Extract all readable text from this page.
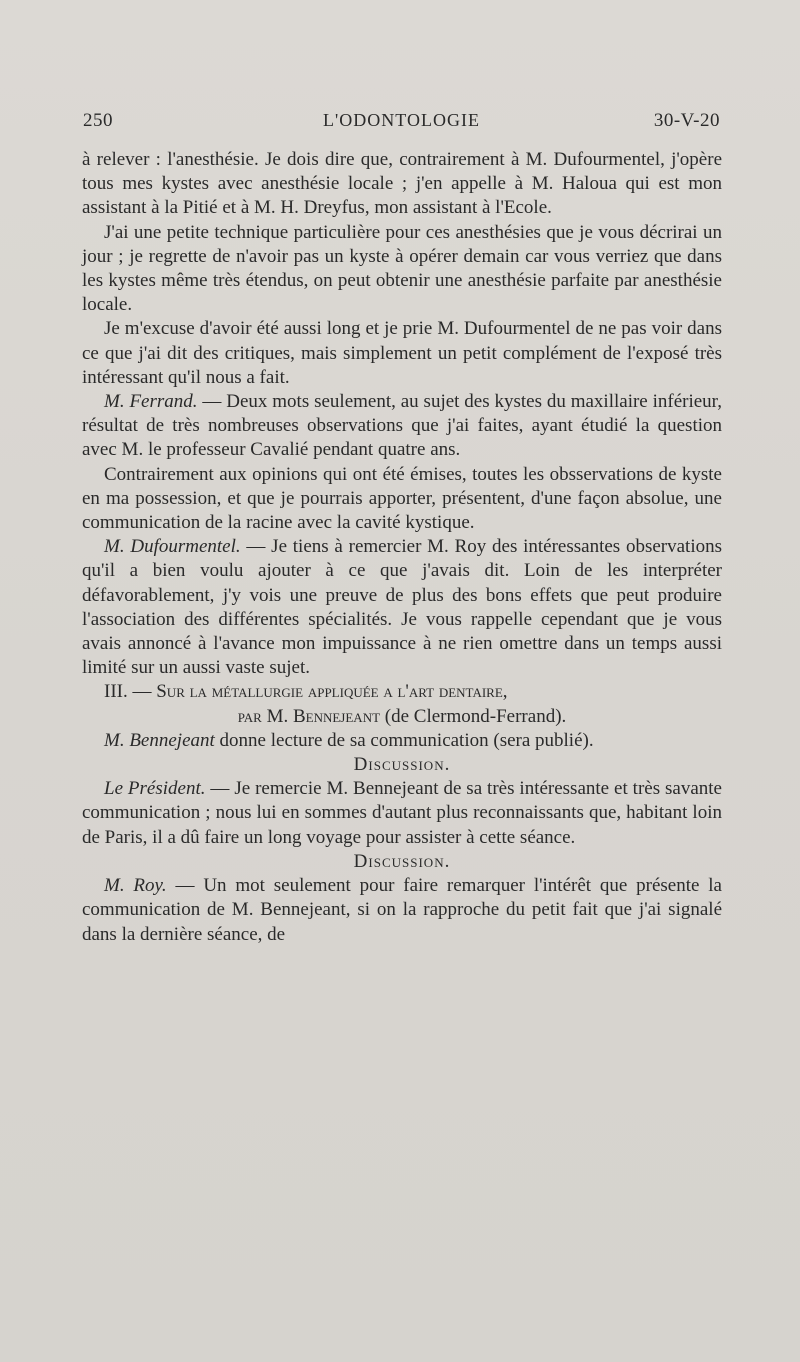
250	L'ODONTOLOGIE	30-V-20

à relever : l'anesthésie. Je dois dire que, contrairement à M. Dufourmentel, j'opère tous mes kystes avec anesthésie locale ; j'en appelle à M. Haloua qui est mon assistant à la Pitié et à M. H. Dreyfus, mon assistant à l'Ecole.

J'ai une petite technique particulière pour ces anesthésies que je vous décrirai un jour ; je regrette de n'avoir pas un kyste à opérer demain car vous verriez que dans les kystes même très étendus, on peut obtenir une anesthésie parfaite par anesthésie locale.

Je m'excuse d'avoir été aussi long et je prie M. Dufourmentel de ne pas voir dans ce que j'ai dit des critiques, mais simplement un petit complément de l'exposé très intéressant qu'il nous a fait.

M. Ferrand. — Deux mots seulement, au sujet des kystes du maxillaire inférieur, résultat de très nombreuses observations que j'ai faites, ayant étudié la question avec M. le professeur Cavalié pendant quatre ans.

Contrairement aux opinions qui ont été émises, toutes les obsservations de kyste en ma possession, et que je pourrais apporter, présentent, d'une façon absolue, une communication de la racine avec la cavité kystique.

M. Dufourmentel. — Je tiens à remercier M. Roy des intéressantes observations qu'il a bien voulu ajouter à ce que j'avais dit. Loin de les interpréter défavorablement, j'y vois une preuve de plus des bons effets que peut produire l'association des différentes spécialités. Je vous rappelle cependant que je vous avais annoncé à l'avance mon impuissance à ne rien omettre dans un temps aussi limité sur un aussi vaste sujet.

III. — Sur la métallurgie appliquée a l'art dentaire,

par M. Bennejeant (de Clermond-Ferrand).

M. Bennejeant donne lecture de sa communication (sera publié).

Discussion.

Le Président. — Je remercie M. Bennejeant de sa très intéressante et très savante communication ; nous lui en sommes d'autant plus reconnaissants que, habitant loin de Paris, il a dû faire un long voyage pour assister à cette séance.

Discussion.

M. Roy. — Un mot seulement pour faire remarquer l'intérêt que présente la communication de M. Bennejeant, si on la rapproche du petit fait que j'ai signalé dans la dernière séance, de
